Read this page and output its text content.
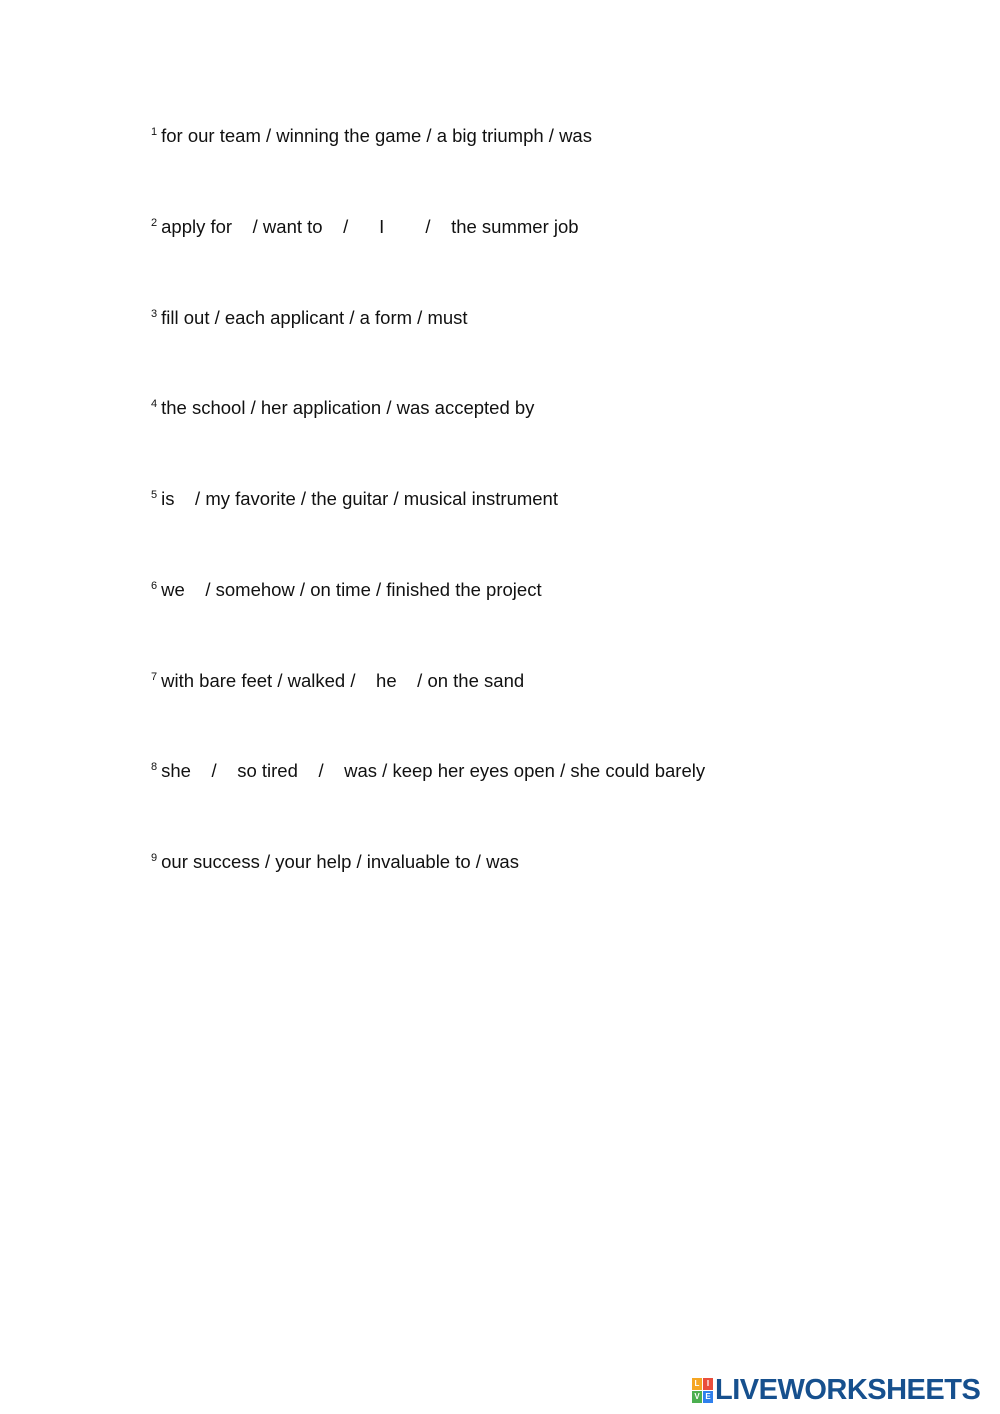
$^1$ for our team / winning the game / a big triumph / was
$^2$ apply for    / want to    /      I        /    the summer job
$^3$ fill out / each applicant / a form / must
$^4$ the school / her application / was accepted by
$^5$ is    / my favorite / the guitar / musical instrument
$^6$ we    / somehow / on time / finished the project
$^7$ with bare feet / walked /    he    / on the sand
$^8$ she    /    so tired    /    was / keep her eyes open / she could barely
$^9$ our success / your help / invaluable to / was
L I
V E LIVEWORKSHEETS
